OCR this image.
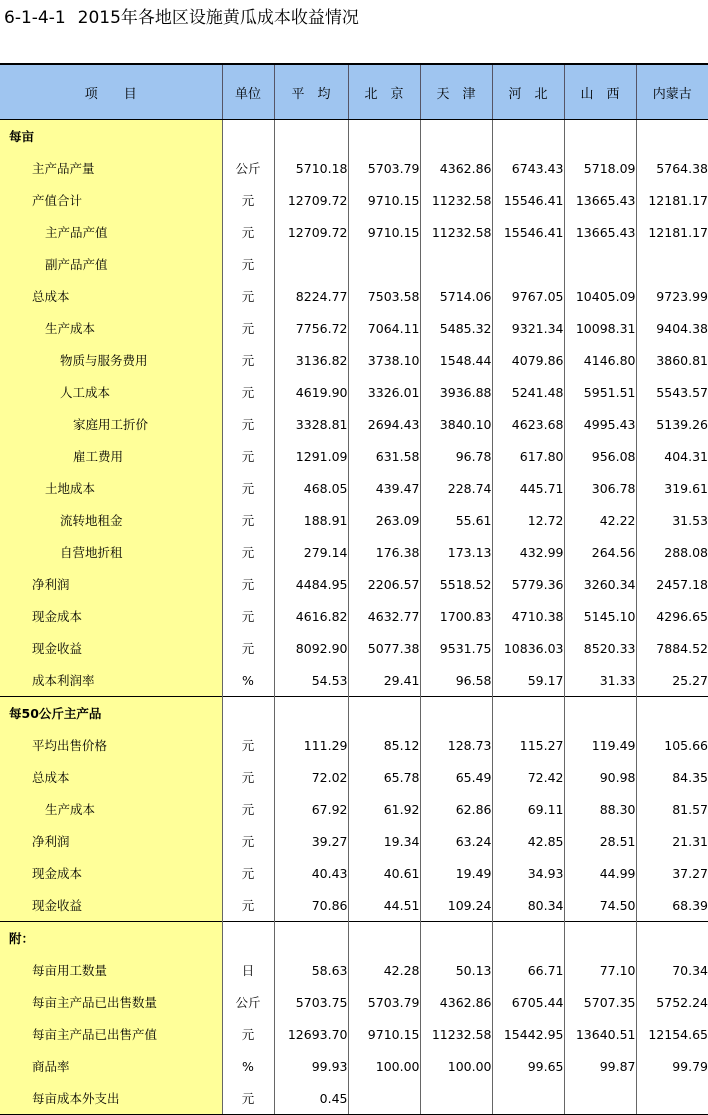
6-1-4-1 2015年各地区设施黄瓜成本收益情况
项　　目	单位	平　均	北　京	天　津	河　北	山　西	内蒙古
每亩							
主产品产量	公斤	5710.18	5703.79	4362.86	6743.43	5718.09	5764.38
产值合计	元	12709.72	9710.15	11232.58	15546.41	13665.43	12181.17
主产品产值	元	12709.72	9710.15	11232.58	15546.41	13665.43	12181.17
副产品产值	元						
总成本	元	8224.77	7503.58	5714.06	9767.05	10405.09	9723.99
生产成本	元	7756.72	7064.11	5485.32	9321.34	10098.31	9404.38
物质与服务费用	元	3136.82	3738.10	1548.44	4079.86	4146.80	3860.81
人工成本	元	4619.90	3326.01	3936.88	5241.48	5951.51	5543.57
家庭用工折价	元	3328.81	2694.43	3840.10	4623.68	4995.43	5139.26
雇工费用	元	1291.09	631.58	96.78	617.80	956.08	404.31
土地成本	元	468.05	439.47	228.74	445.71	306.78	319.61
流转地租金	元	188.91	263.09	55.61	12.72	42.22	31.53
自营地折租	元	279.14	176.38	173.13	432.99	264.56	288.08
净利润	元	4484.95	2206.57	5518.52	5779.36	3260.34	2457.18
现金成本	元	4616.82	4632.77	1700.83	4710.38	5145.10	4296.65
现金收益	元	8092.90	5077.38	9531.75	10836.03	8520.33	7884.52
成本利润率	%	54.53	29.41	96.58	59.17	31.33	25.27
每50公斤主产品							
平均出售价格	元	111.29	85.12	128.73	115.27	119.49	105.66
总成本	元	72.02	65.78	65.49	72.42	90.98	84.35
生产成本	元	67.92	61.92	62.86	69.11	88.30	81.57
净利润	元	39.27	19.34	63.24	42.85	28.51	21.31
现金成本	元	40.43	40.61	19.49	34.93	44.99	37.27
现金收益	元	70.86	44.51	109.24	80.34	74.50	68.39
附：							
每亩用工数量	日	58.63	42.28	50.13	66.71	77.10	70.34
每亩主产品已出售数量	公斤	5703.75	5703.79	4362.86	6705.44	5707.35	5752.24
每亩主产品已出售产值	元	12693.70	9710.15	11232.58	15442.95	13640.51	12154.65
商品率	%	99.93	100.00	100.00	99.65	99.87	99.79
每亩成本外支出	元	0.45					
